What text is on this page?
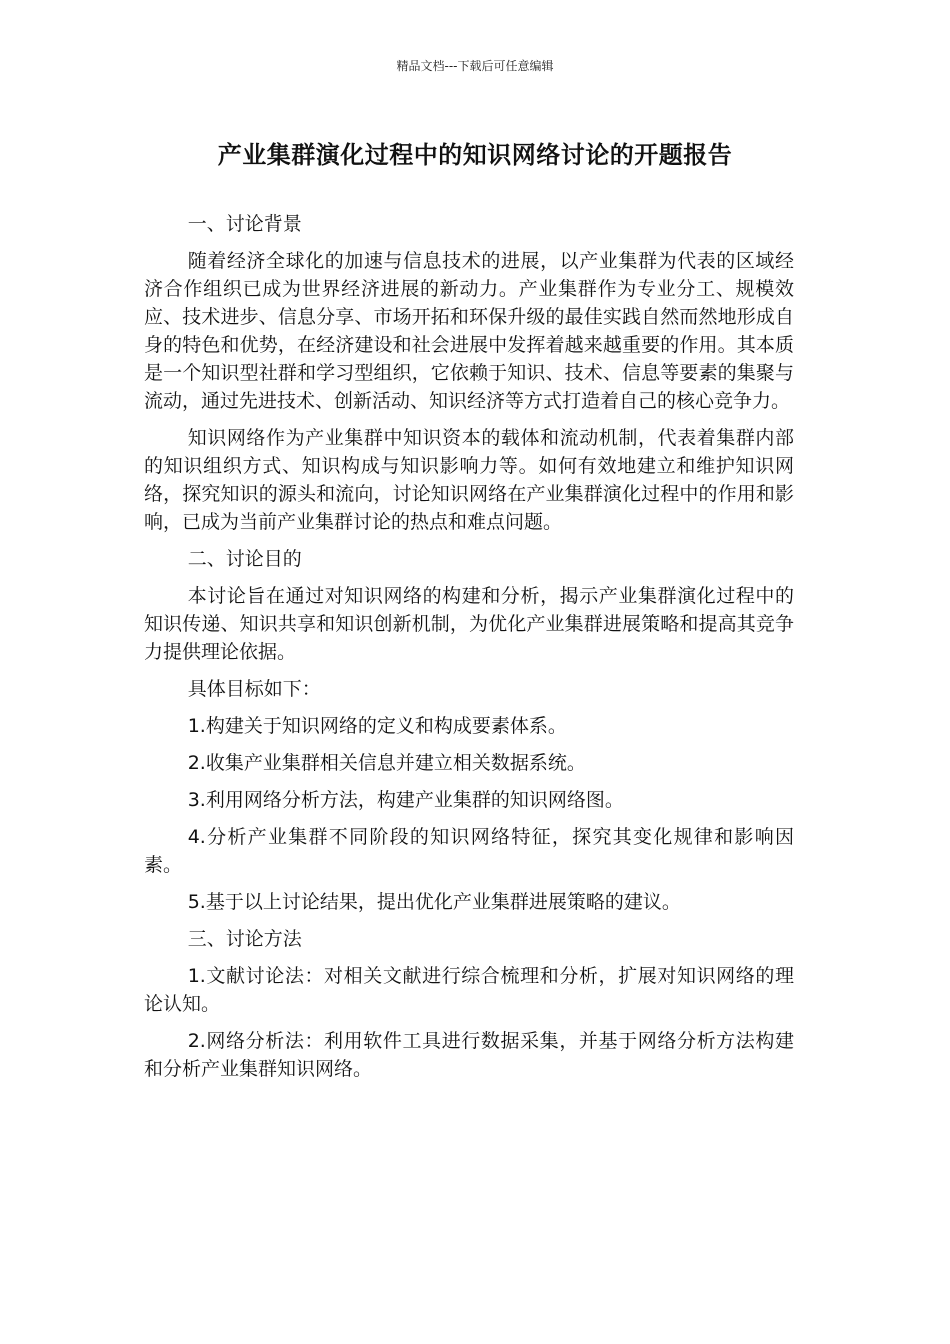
精品文档---下载后可任意编辑
产业集群演化过程中的知识网络讨论的开题报告

一、讨论背景

随着经济全球化的加速与信息技术的进展，以产业集群为代表的区域经济合作组织已成为世界经济进展的新动力。产业集群作为专业分工、规模效应、技术进步、信息分享、市场开拓和环保升级的最佳实践自然而然地形成自身的特色和优势，在经济建设和社会进展中发挥着越来越重要的作用。其本质是一个知识型社群和学习型组织，它依赖于知识、技术、信息等要素的集聚与流动，通过先进技术、创新活动、知识经济等方式打造着自己的核心竞争力。

知识网络作为产业集群中知识资本的载体和流动机制，代表着集群内部的知识组织方式、知识构成与知识影响力等。如何有效地建立和维护知识网络，探究知识的源头和流向，讨论知识网络在产业集群演化过程中的作用和影响，已成为当前产业集群讨论的热点和难点问题。

二、讨论目的

本讨论旨在通过对知识网络的构建和分析，揭示产业集群演化过程中的知识传递、知识共享和知识创新机制，为优化产业集群进展策略和提高其竞争力提供理论依据。

具体目标如下：

1.构建关于知识网络的定义和构成要素体系。

2.收集产业集群相关信息并建立相关数据系统。

3.利用网络分析方法，构建产业集群的知识网络图。

4.分析产业集群不同阶段的知识网络特征，探究其变化规律和影响因素。

5.基于以上讨论结果，提出优化产业集群进展策略的建议。

三、讨论方法

1.文献讨论法：对相关文献进行综合梳理和分析，扩展对知识网络的理论认知。

2.网络分析法：利用软件工具进行数据采集，并基于网络分析方法构建和分析产业集群知识网络。
